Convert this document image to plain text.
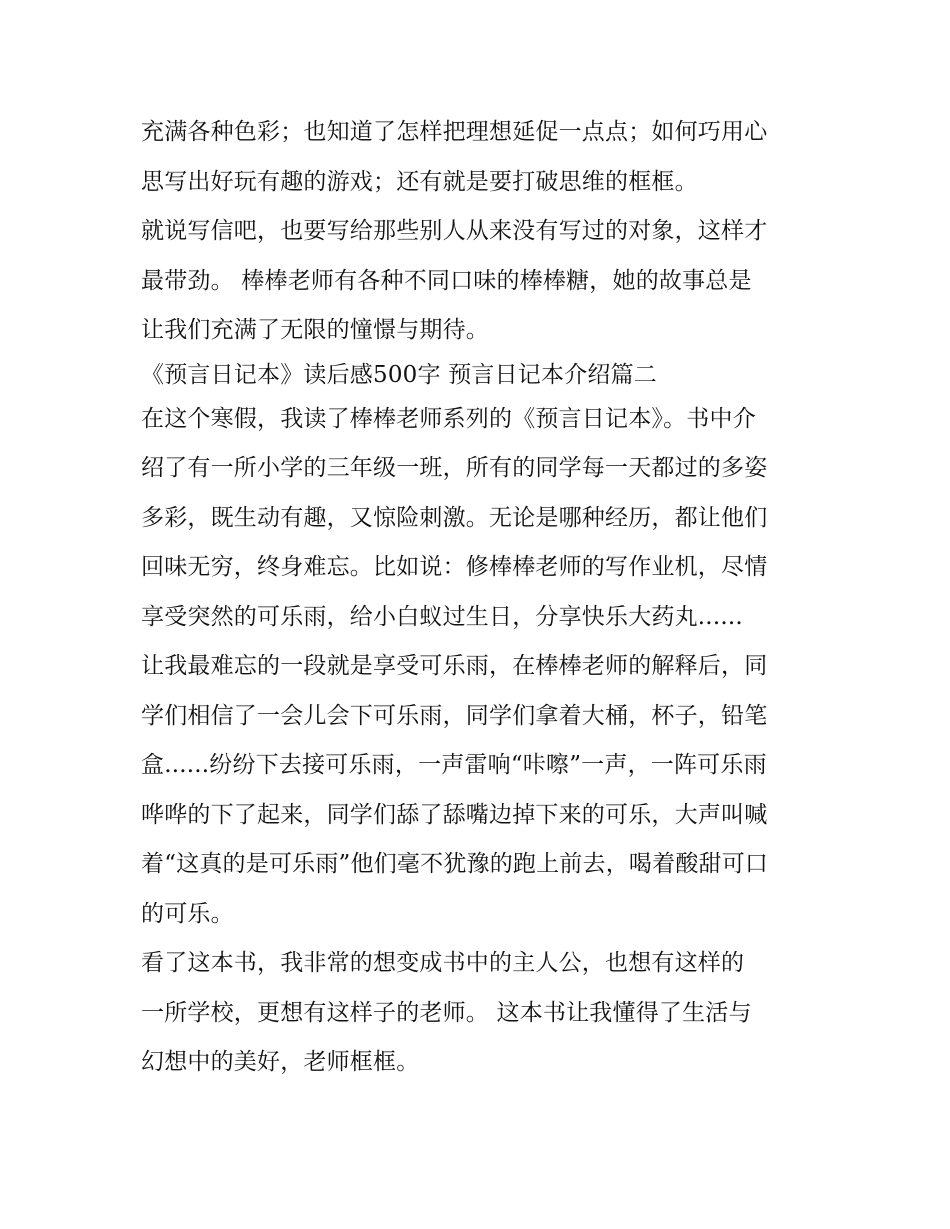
充满各种色彩；也知道了怎样把理想延促一点点；如何巧用心
思写出好玩有趣的游戏；还有就是要打破思维的框框。
就说写信吧，也要写给那些别人从来没有写过的对象，这样才
最带劲。 棒棒老师有各种不同口味的棒棒糖，她的故事总是
让我们充满了无限的憧憬与期待。
《预言日记本》读后感500字 预言日记本介绍篇二
在这个寒假，我读了棒棒老师系列的《预言日记本》。书中介
绍了有一所小学的三年级一班，所有的同学每一天都过的多姿
多彩，既生动有趣，又惊险刺激。无论是哪种经历，都让他们
回味无穷，终身难忘。比如说：修棒棒老师的写作业机，尽情
享受突然的可乐雨，给小白蚁过生日，分享快乐大药丸......
让我最难忘的一段就是享受可乐雨，在棒棒老师的解释后，同
学们相信了一会儿会下可乐雨，同学们拿着大桶，杯子，铅笔
盒......纷纷下去接可乐雨，一声雷响“咔嚓”一声，一阵可乐雨
哗哗的下了起来，同学们舔了舔嘴边掉下来的可乐，大声叫喊
着“这真的是可乐雨”他们毫不犹豫的跑上前去，喝着酸甜可口
的可乐。
看了这本书，我非常的想变成书中的主人公，也想有这样的
一所学校，更想有这样子的老师。 这本书让我懂得了生活与
幻想中的美好，老师框框。
